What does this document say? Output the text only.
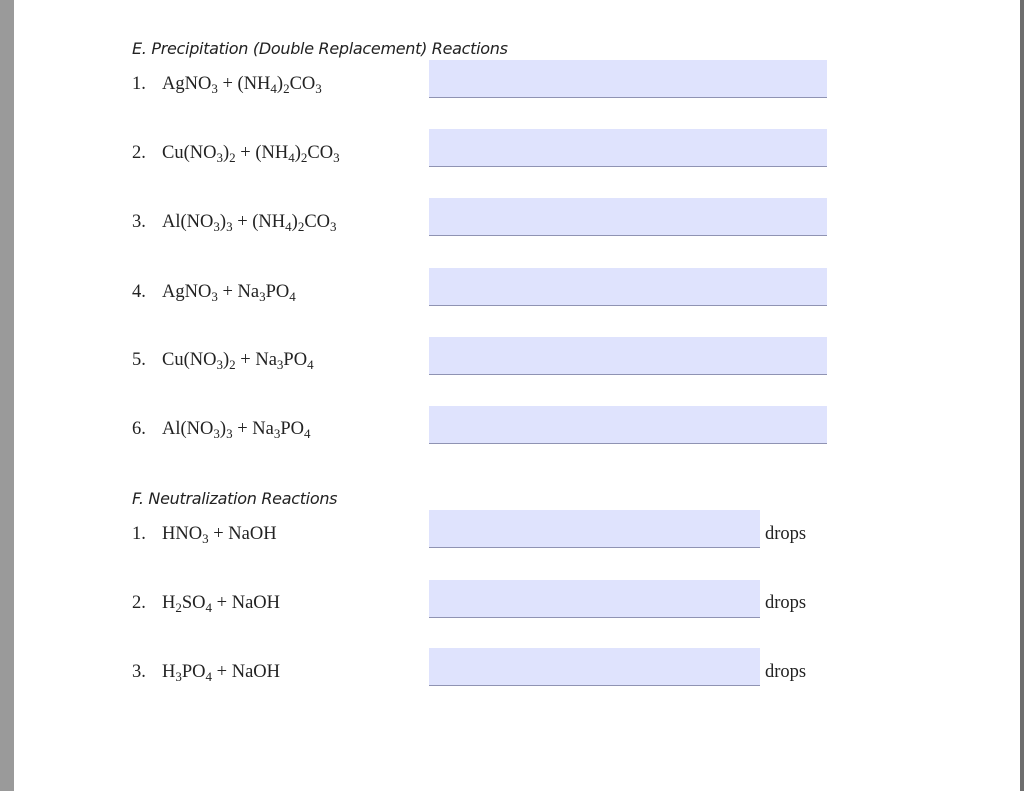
E. Precipitation (Double Replacement) Reactions
1. AgNO$_3$ + $(NH_4)_2CO_3$
2. $Cu(NO_3)_2 + (NH_4)_2CO_3$
3. $Al(NO_3)_3 + (NH_4)_2CO_3$
4. AgNO$_3$ + $Na_3PO_4$
5. $Cu(NO_3)_2 + Na_3PO_4$
6. $Al(NO_3)_3 + Na_3PO_4$
F. Neutralization Reactions
1. $HNO_3$ + NaOH	drops
2. $H_2SO_4$ + NaOH	drops
3. $H_3PO_4$ + NaOH	drops
